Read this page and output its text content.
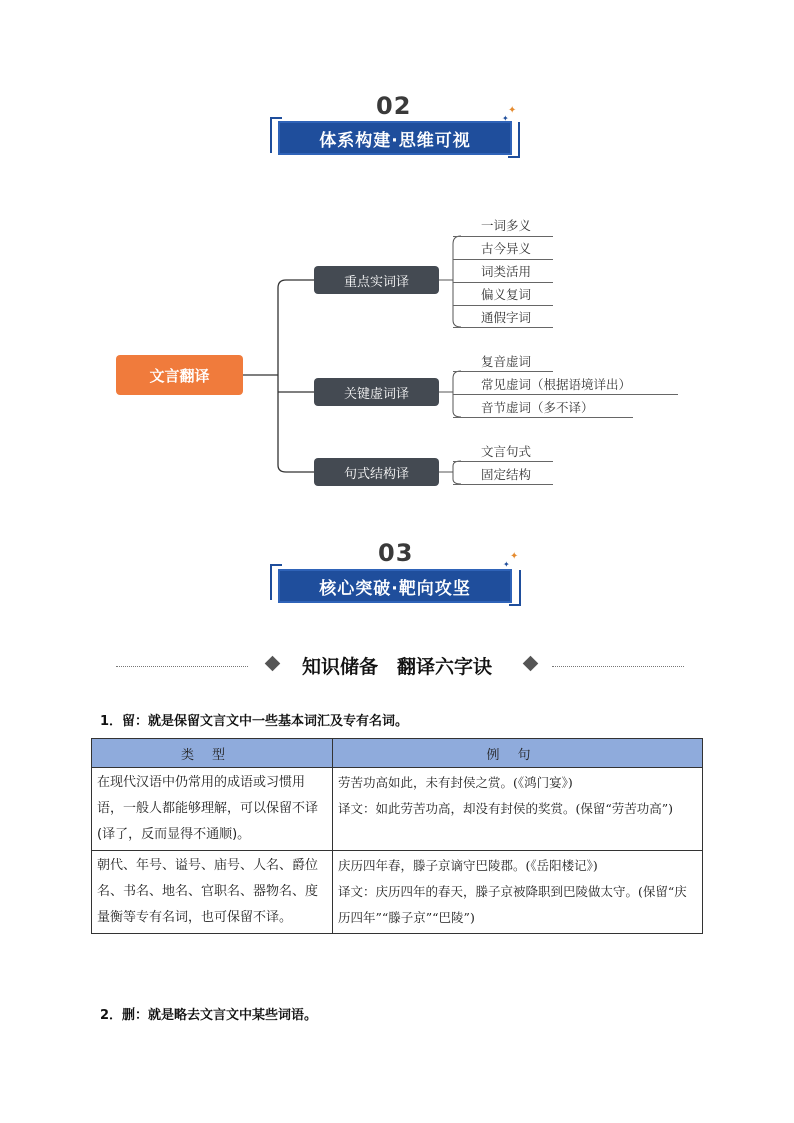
02
体系构建·思维可视
✦
✦
文言翻译
重点实词译
关键虚词译
句式结构译
一词多义
古今异义
词类活用
偏义复词
通假字词
复音虚词
常见虚词（根据语境详出）
音节虚词（多不译）
文言句式
固定结构
03
核心突破·靶向攻坚
✦
✦
知识储备　翻译六字诀
1．留：就是保留文言文中一些基本词汇及专有名词。
类型	例句
在现代汉语中仍常用的成语或习惯用语，一般人都能够理解，可以保留不译(译了，反而显得不通顺)。	劳苦功高如此，未有封侯之赏。(《鸿门宴》)
译文：如此劳苦功高，却没有封侯的奖赏。(保留“劳苦功高”)

朝代、年号、谥号、庙号、人名、爵位名、书名、地名、官职名、器物名、度量衡等专有名词，也可保留不译。	庆历四年春，滕子京谪守巴陵郡。(《岳阳楼记》)
译文：庆历四年的春天，滕子京被降职到巴陵做太守。(保留“庆历四年”“滕子京”“巴陵”)
2．删：就是略去文言文中某些词语。
